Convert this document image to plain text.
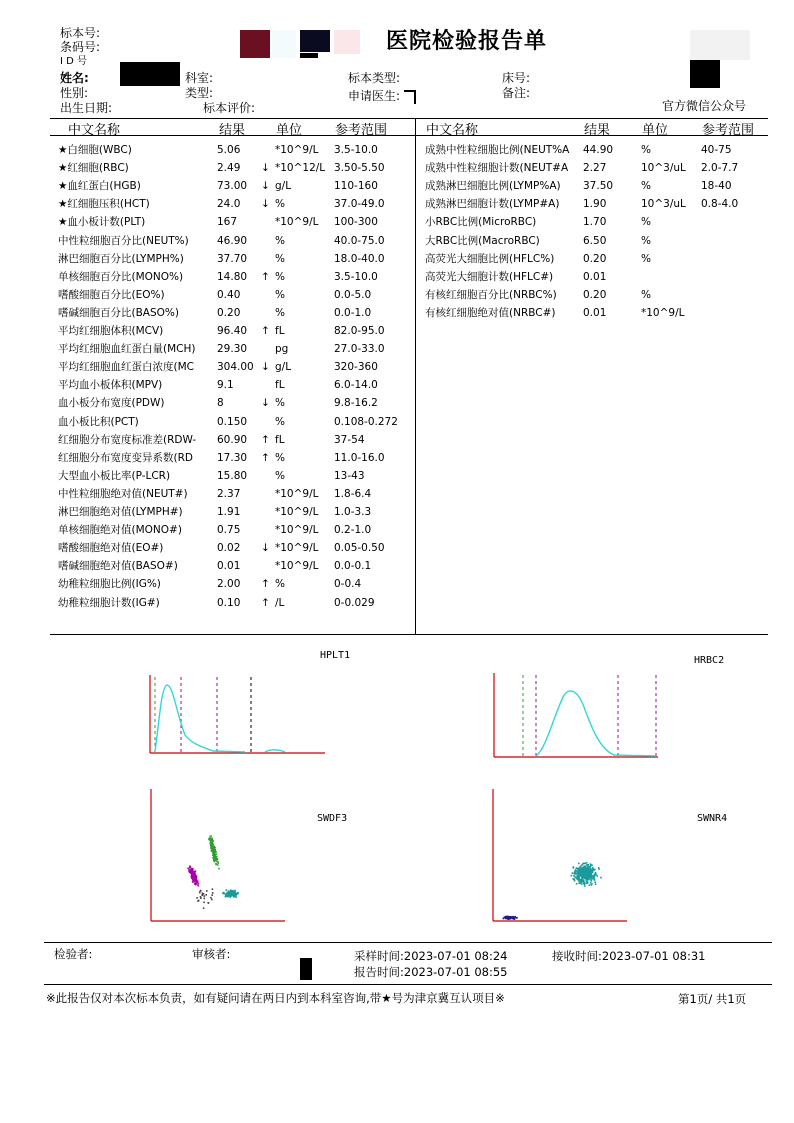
标本号:
条码号:
I D 号
姓名:
性别:
出生日期:
科室:
类型:
标本评价:
标本类型:
申请医生:
床号:
备注:
官方微信公众号
医院检验报告单
中文名称	结果 单位	参考范围	中文名称	结果 单位	参考范围
★白细胞(WBC)	5.06	*10^9/L 3.5-10.0
★红细胞(RBC)	2.49 ↓ *10^12/L 3.50-5.50
★血红蛋白(HGB)	73.00 ↓ g/L	110-160
★红细胞压积(HCT)	24.0 ↓ %	37.0-49.0
★血小板计数(PLT)	167	*10^9/L 100-300
中性粒细胞百分比(NEUT%)	46.90	%	40.0-75.0
淋巴细胞百分比(LYMPH%)	37.70	%	18.0-40.0
单核细胞百分比(MONO%)	14.80 ↑ %	3.5-10.0
嗜酸细胞百分比(EO%)	0.40	%	0.0-5.0
嗜碱细胞百分比(BASO%)	0.20	%	0.0-1.0
平均红细胞体积(MCV)	96.40 ↑ fL	82.0-95.0
平均红细胞血红蛋白量(MCH) 29.30	pg	27.0-33.0
平均红细胞血红蛋白浓度(MC 304.00 ↓ g/L	320-360
平均血小板体积(MPV)	9.1	fL	6.0-14.0
血小板分布宽度(PDW)	8	↓ %	9.8-16.2
血小板比积(PCT)	0.150	%	0.108-0.272
红细胞分布宽度标准差(RDW- 60.90 ↑ fL	37-54
红细胞分布宽度变异系数(RD 17.30 ↑ %	11.0-16.0
大型血小板比率(P-LCR)	15.80	%	13-43
中性粒细胞绝对值(NEUT#)	2.37	*10^9/L 1.8-6.4
淋巴细胞绝对值(LYMPH#)	1.91	*10^9/L 1.0-3.3
单核细胞绝对值(MONO#)	0.75	*10^9/L 0.2-1.0
嗜酸细胞绝对值(EO#)	0.02 ↓ *10^9/L 0.05-0.50
嗜碱细胞绝对值(BASO#)	0.01	*10^9/L 0.0-0.1
幼稚粒细胞比例(IG%)	2.00 ↑ %	0-0.4
幼稚粒细胞计数(IG#)	0.10 ↑ /L	0-0.029
成熟中性粒细胞比例(NEUT%A 44.90	%	40-75
成熟中性粒细胞计数(NEUT#A 2.27	10^3/uL 2.0-7.7
成熟淋巴细胞比例(LYMP%A) 37.50	%	18-40
成熟淋巴细胞计数(LYMP#A) 1.90	10^3/uL 0.8-4.0
小RBC比例(MicroRBC)	1.70	%
大RBC比例(MacroRBC)	6.50	%
高荧光大细胞比例(HFLC%)	0.20	%
高荧光大细胞计数(HFLC#)	0.01
有核红细胞百分比(NRBC%)	0.20	%
有核红细胞绝对值(NRBC#)	0.01	*10^9/L
HPLT1	HRBC2
SWDF3	SWNR4
检验者:	审核者:	采样时间:2023-07-01 08:24	接收时间:2023-07-01 08:31
报告时间:2023-07-01 08:55
※此报告仅对本次标本负责，如有疑问请在两日内到本科室咨询,带★号为津京冀互认项目※	第1页/ 共1页
